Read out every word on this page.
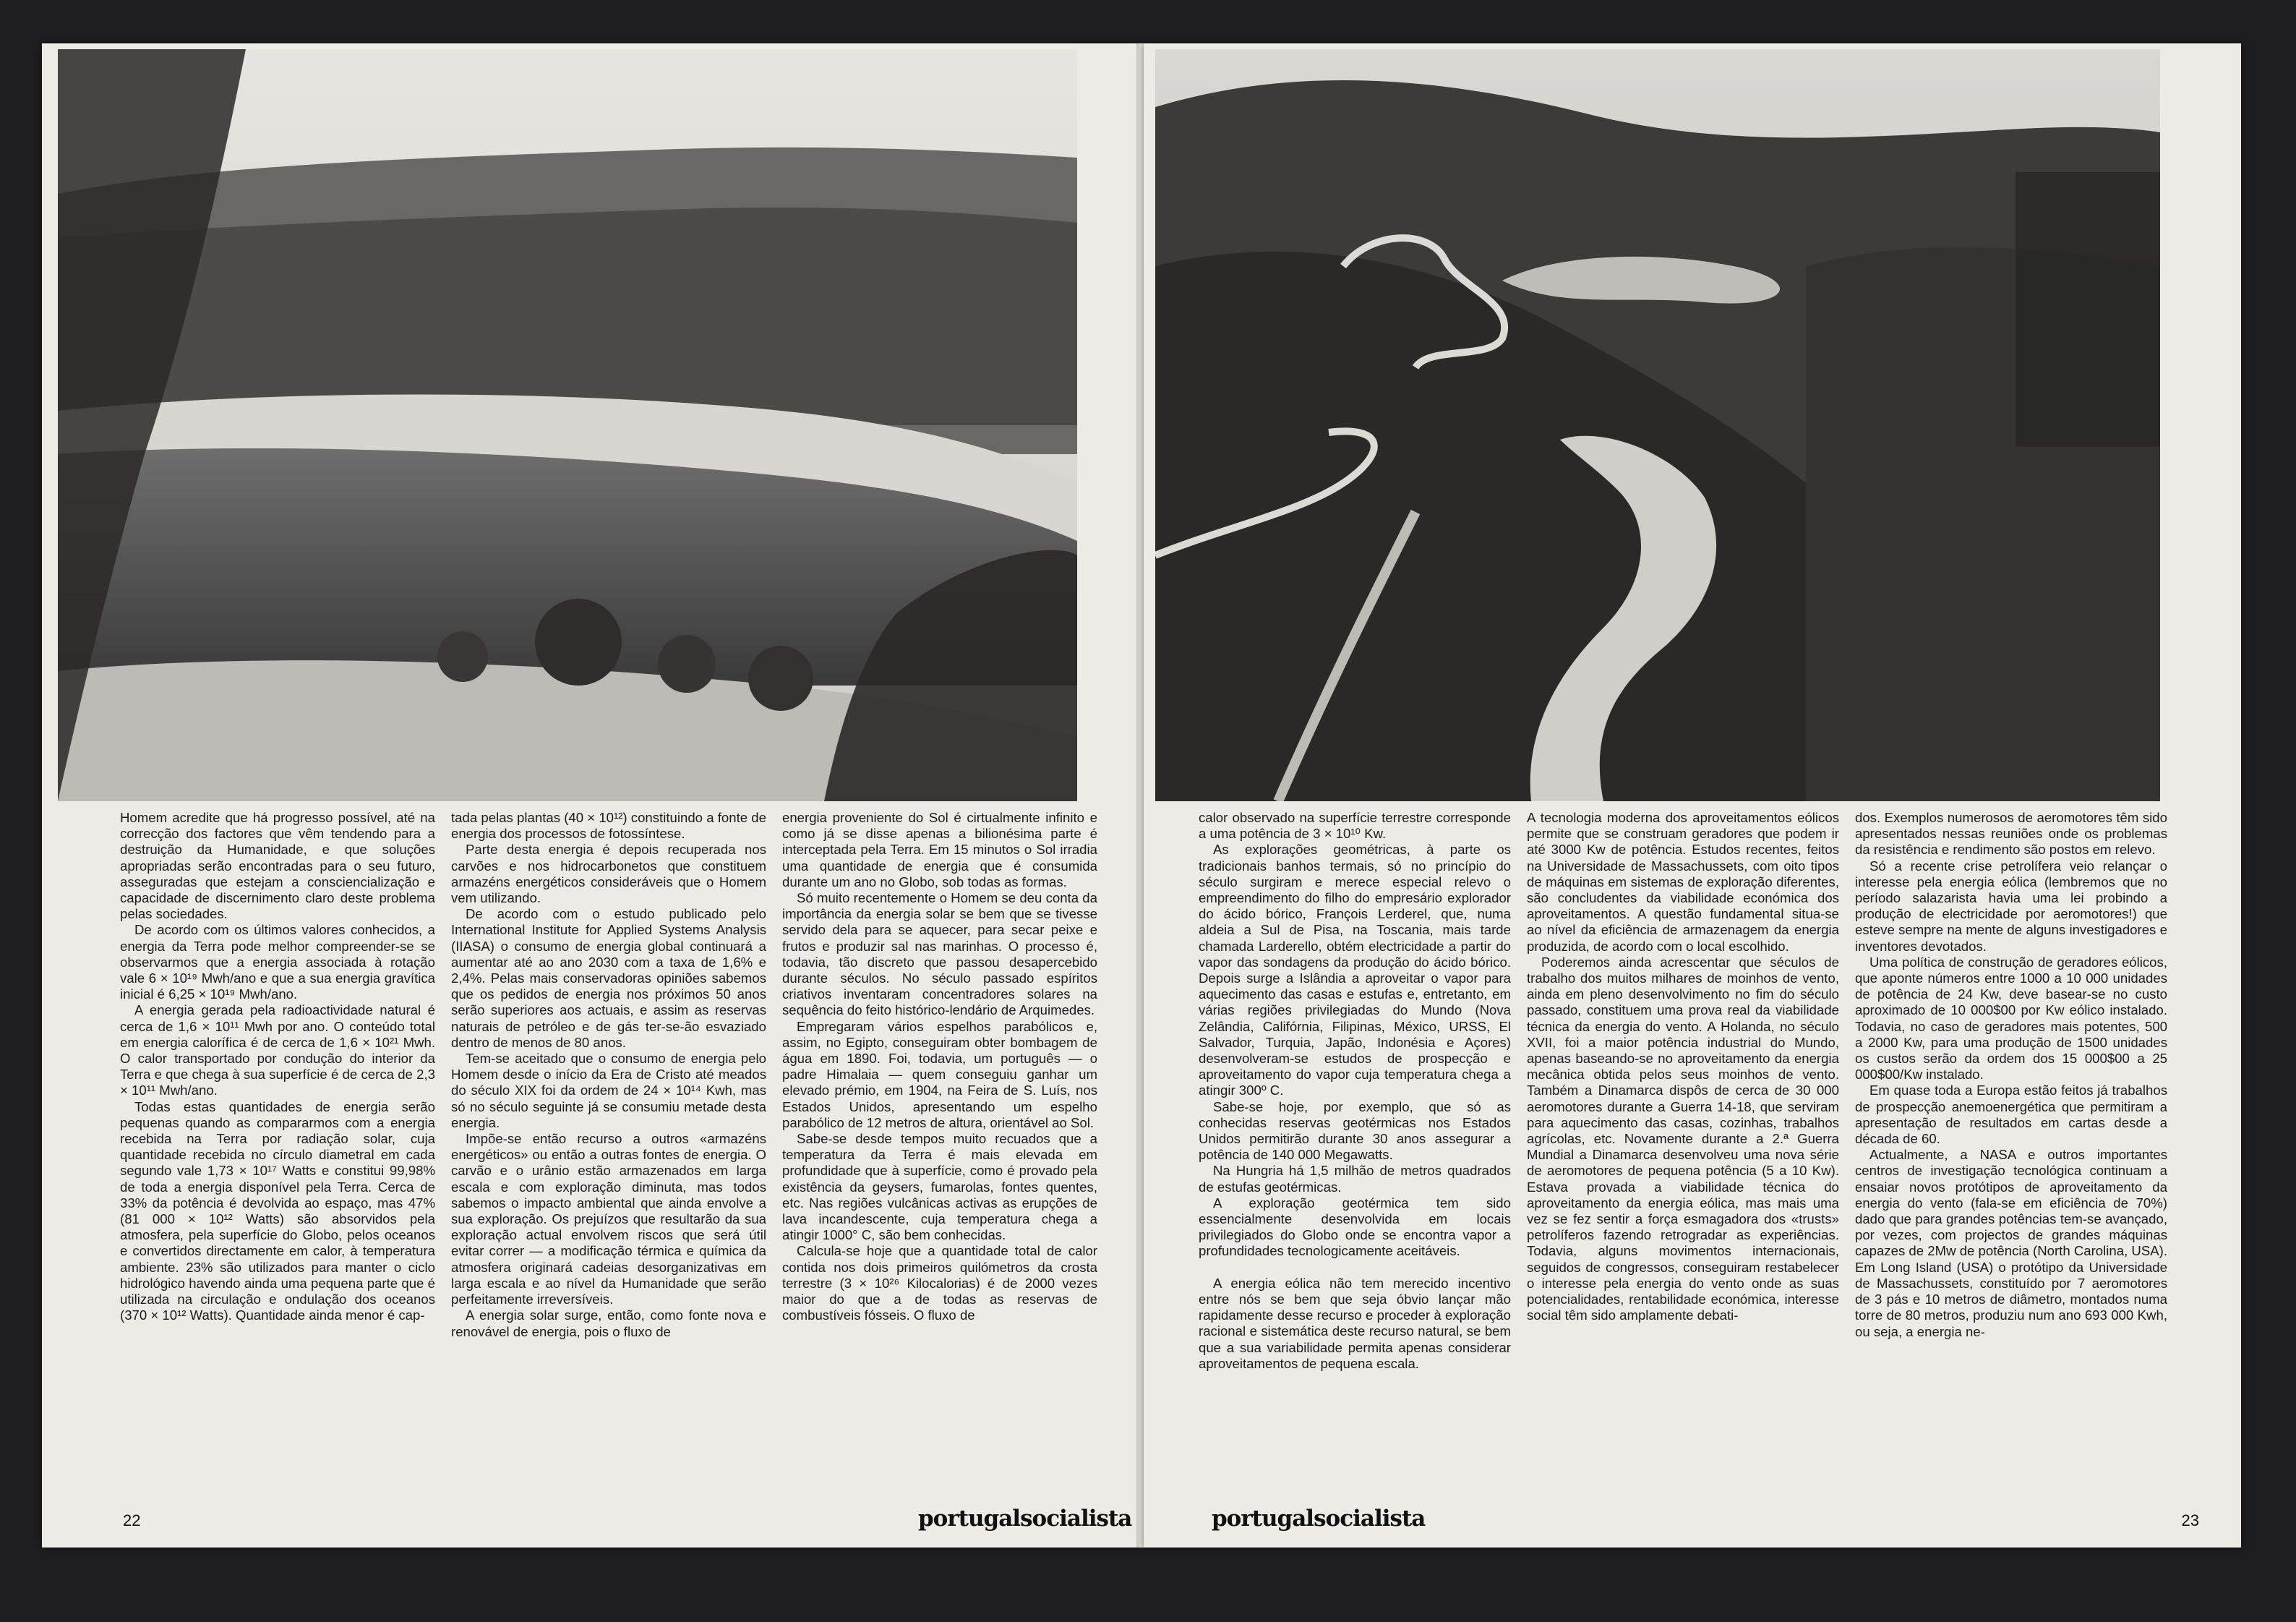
Homem acredite que há progresso possível, até na correcção dos factores que vêm tendendo para a destruição da Humanidade, e que soluções apropriadas serão encontradas para o seu futuro, asseguradas que estejam a consciencialização e capacidade de discernimento claro deste problema pelas sociedades.

De acordo com os últimos valores conhecidos, a energia da Terra pode melhor compreender-se se observarmos que a energia associada à rotação vale 6 × 10¹⁹ Mwh/ano e que a sua energia gravítica inicial é 6,25 × 10¹⁹ Mwh/ano.

A energia gerada pela radioactividade natural é cerca de 1,6 × 10¹¹ Mwh por ano. O conteúdo total em energia calorífica é de cerca de 1,6 × 10²¹ Mwh. O calor transportado por condução do interior da Terra e que chega à sua superfície é de cerca de 2,3 × 10¹¹ Mwh/ano.

Todas estas quantidades de energia serão pequenas quando as compararmos com a energia recebida na Terra por radiação solar, cuja quantidade recebida no círculo diametral em cada segundo vale 1,73 × 10¹⁷ Watts e constitui 99,98% de toda a energia disponível pela Terra. Cerca de 33% da potência é devolvida ao espaço, mas 47% (81 000 × 10¹² Watts) são absorvidos pela atmosfera, pela superfície do Globo, pelos oceanos e convertidos directamente em calor, à temperatura ambiente. 23% são utilizados para manter o ciclo hidrológico havendo ainda uma pequena parte que é utilizada na circulação e ondulação dos oceanos (370 × 10¹² Watts). Quantidade ainda menor é cap-

tada pelas plantas (40 × 10¹²) constituindo a fonte de energia dos processos de fotossíntese.

Parte desta energia é depois recuperada nos carvões e nos hidrocarbonetos que constituem armazéns energéticos consideráveis que o Homem vem utilizando.

De acordo com o estudo publicado pelo International Institute for Applied Systems Analysis (IIASA) o consumo de energia global continuará a aumentar até ao ano 2030 com a taxa de 1,6% e 2,4%. Pelas mais conservadoras opiniões sabemos que os pedidos de energia nos próximos 50 anos serão superiores aos actuais, e assim as reservas naturais de petróleo e de gás ter-se-ão esvaziado dentro de menos de 80 anos.

Tem-se aceitado que o consumo de energia pelo Homem desde o início da Era de Cristo até meados do século XIX foi da ordem de 24 × 10¹⁴ Kwh, mas só no século seguinte já se consumiu metade desta energia.

Impõe-se então recurso a outros «armazéns energéticos» ou então a outras fontes de energia. O carvão e o urânio estão armazenados em larga escala e com exploração diminuta, mas todos sabemos o impacto ambiental que ainda envolve a sua exploração. Os prejuízos que resultarão da sua exploração actual envolvem riscos que será útil evitar correr — a modificação térmica e química da atmosfera originará cadeias desorganizativas em larga escala e ao nível da Humanidade que serão perfeitamente irreversíveis.

A energia solar surge, então, como fonte nova e renovável de energia, pois o fluxo de

energia proveniente do Sol é cirtualmente infinito e como já se disse apenas a bilionésima parte é interceptada pela Terra. Em 15 minutos o Sol irradia uma quantidade de energia que é consumida durante um ano no Globo, sob todas as formas.

Só muito recentemente o Homem se deu conta da importância da energia solar se bem que se tivesse servido dela para se aquecer, para secar peixe e frutos e produzir sal nas marinhas. O processo é, todavia, tão discreto que passou desapercebido durante séculos. No século passado espíritos criativos inventaram concentradores solares na sequência do feito histórico-lendário de Arquimedes.

Empregaram vários espelhos parabólicos e, assim, no Egipto, conseguiram obter bombagem de água em 1890. Foi, todavia, um português — o padre Himalaia — quem conseguiu ganhar um elevado prémio, em 1904, na Feira de S. Luís, nos Estados Unidos, apresentando um espelho parabólico de 12 metros de altura, orientável ao Sol.

Sabe-se desde tempos muito recuados que a temperatura da Terra é mais elevada em profundidade que à superfície, como é provado pela existência da geysers, fumarolas, fontes quentes, etc. Nas regiões vulcânicas activas as erupções de lava incandescente, cuja temperatura chega a atingir 1000° C, são bem conhecidas.

Calcula-se hoje que a quantidade total de calor contida nos dois primeiros quilómetros da crosta terrestre (3 × 10²⁶ Kilocalorias) é de 2000 vezes maior do que a de todas as reservas de combustíveis fósseis. O fluxo de

22	portugalsocialista

calor observado na superfície terrestre corresponde a uma potência de 3 × 10¹⁰ Kw.

As explorações geométricas, à parte os tradicionais banhos termais, só no princípio do século surgiram e merece especial relevo o empreendimento do filho do empresário explorador do ácido bórico, François Lerderel, que, numa aldeia a Sul de Pisa, na Toscania, mais tarde chamada Larderello, obtém electricidade a partir do vapor das sondagens da produção do ácido bórico. Depois surge a Islândia a aproveitar o vapor para aquecimento das casas e estufas e, entretanto, em várias regiões privilegiadas do Mundo (Nova Zelândia, Califórnia, Filipinas, México, URSS, El Salvador, Turquia, Japão, Indonésia e Açores) desenvolveram-se estudos de prospecção e aproveitamento do vapor cuja temperatura chega a atingir 300º C.

Sabe-se hoje, por exemplo, que só as conhecidas reservas geotérmicas nos Estados Unidos permitirão durante 30 anos assegurar a potência de 140 000 Megawatts.

Na Hungria há 1,5 milhão de metros quadrados de estufas geotérmicas.

A exploração geotérmica tem sido essencialmente desenvolvida em locais privilegiados do Globo onde se encontra vapor a profundidades tecnologicamente aceitáveis.

A energia eólica não tem merecido incentivo entre nós se bem que seja óbvio lançar mão rapidamente desse recurso e proceder à exploração racional e sistemática deste recurso natural, se bem que a sua variabilidade permita apenas considerar aproveitamentos de pequena escala.

A tecnologia moderna dos aproveitamentos eólicos permite que se construam geradores que podem ir até 3000 Kw de potência. Estudos recentes, feitos na Universidade de Massachussets, com oito tipos de máquinas em sistemas de exploração diferentes, são concludentes da viabilidade económica dos aproveitamentos. A questão fundamental situa-se ao nível da eficiência de armazenagem da energia produzida, de acordo com o local escolhido.

Poderemos ainda acrescentar que séculos de trabalho dos muitos milhares de moinhos de vento, ainda em pleno desenvolvimento no fim do século passado, constituem uma prova real da viabilidade técnica da energia do vento. A Holanda, no século XVII, foi a maior potência industrial do Mundo, apenas baseando-se no aproveitamento da energia mecânica obtida pelos seus moinhos de vento. Também a Dinamarca dispôs de cerca de 30 000 aeromotores durante a Guerra 14-18, que serviram para aquecimento das casas, cozinhas, trabalhos agrícolas, etc. Novamente durante a 2.ª Guerra Mundial a Dinamarca desenvolveu uma nova série de aeromotores de pequena potência (5 a 10 Kw). Estava provada a viabilidade técnica do aproveitamento da energia eólica, mas mais uma vez se fez sentir a força esmagadora dos «trusts» petrolíferos fazendo retrogradar as experiências. Todavia, alguns movimentos internacionais, seguidos de congressos, conseguiram restabelecer o interesse pela energia do vento onde as suas potencialidades, rentabilidade económica, interesse social têm sido amplamente debati-

dos. Exemplos numerosos de aeromotores têm sido apresentados nessas reuniões onde os problemas da resistência e rendimento são postos em relevo.

Só a recente crise petrolífera veio relançar o interesse pela energia eólica (lembremos que no período salazarista havia uma lei probindo a produção de electricidade por aeromotores!) que esteve sempre na mente de alguns investigadores e inventores devotados.

Uma política de construção de geradores eólicos, que aponte números entre 1000 a 10 000 unidades de potência de 24 Kw, deve basear-se no custo aproximado de 10 000$00 por Kw eólico instalado. Todavia, no caso de geradores mais potentes, 500 a 2000 Kw, para uma produção de 1500 unidades os custos serão da ordem dos 15 000$00 a 25 000$00/Kw instalado.

Em quase toda a Europa estão feitos já trabalhos de prospecção anemoenergética que permitiram a apresentação de resultados em cartas desde a década de 60.

Actualmente, a NASA e outros importantes centros de investigação tecnológica continuam a ensaiar novos protótipos de aproveitamento da energia do vento (fala-se em eficiência de 70%) dado que para grandes potências tem-se avançado, por vezes, com projectos de grandes máquinas capazes de 2Mw de potência (North Carolina, USA). Em Long Island (USA) o protótipo da Universidade de Massachussets, constituído por 7 aeromotores de 3 pás e 10 metros de diâmetro, montados numa torre de 80 metros, produziu num ano 693 000 Kwh, ou seja, a energia ne-

portugalsocialista	23
